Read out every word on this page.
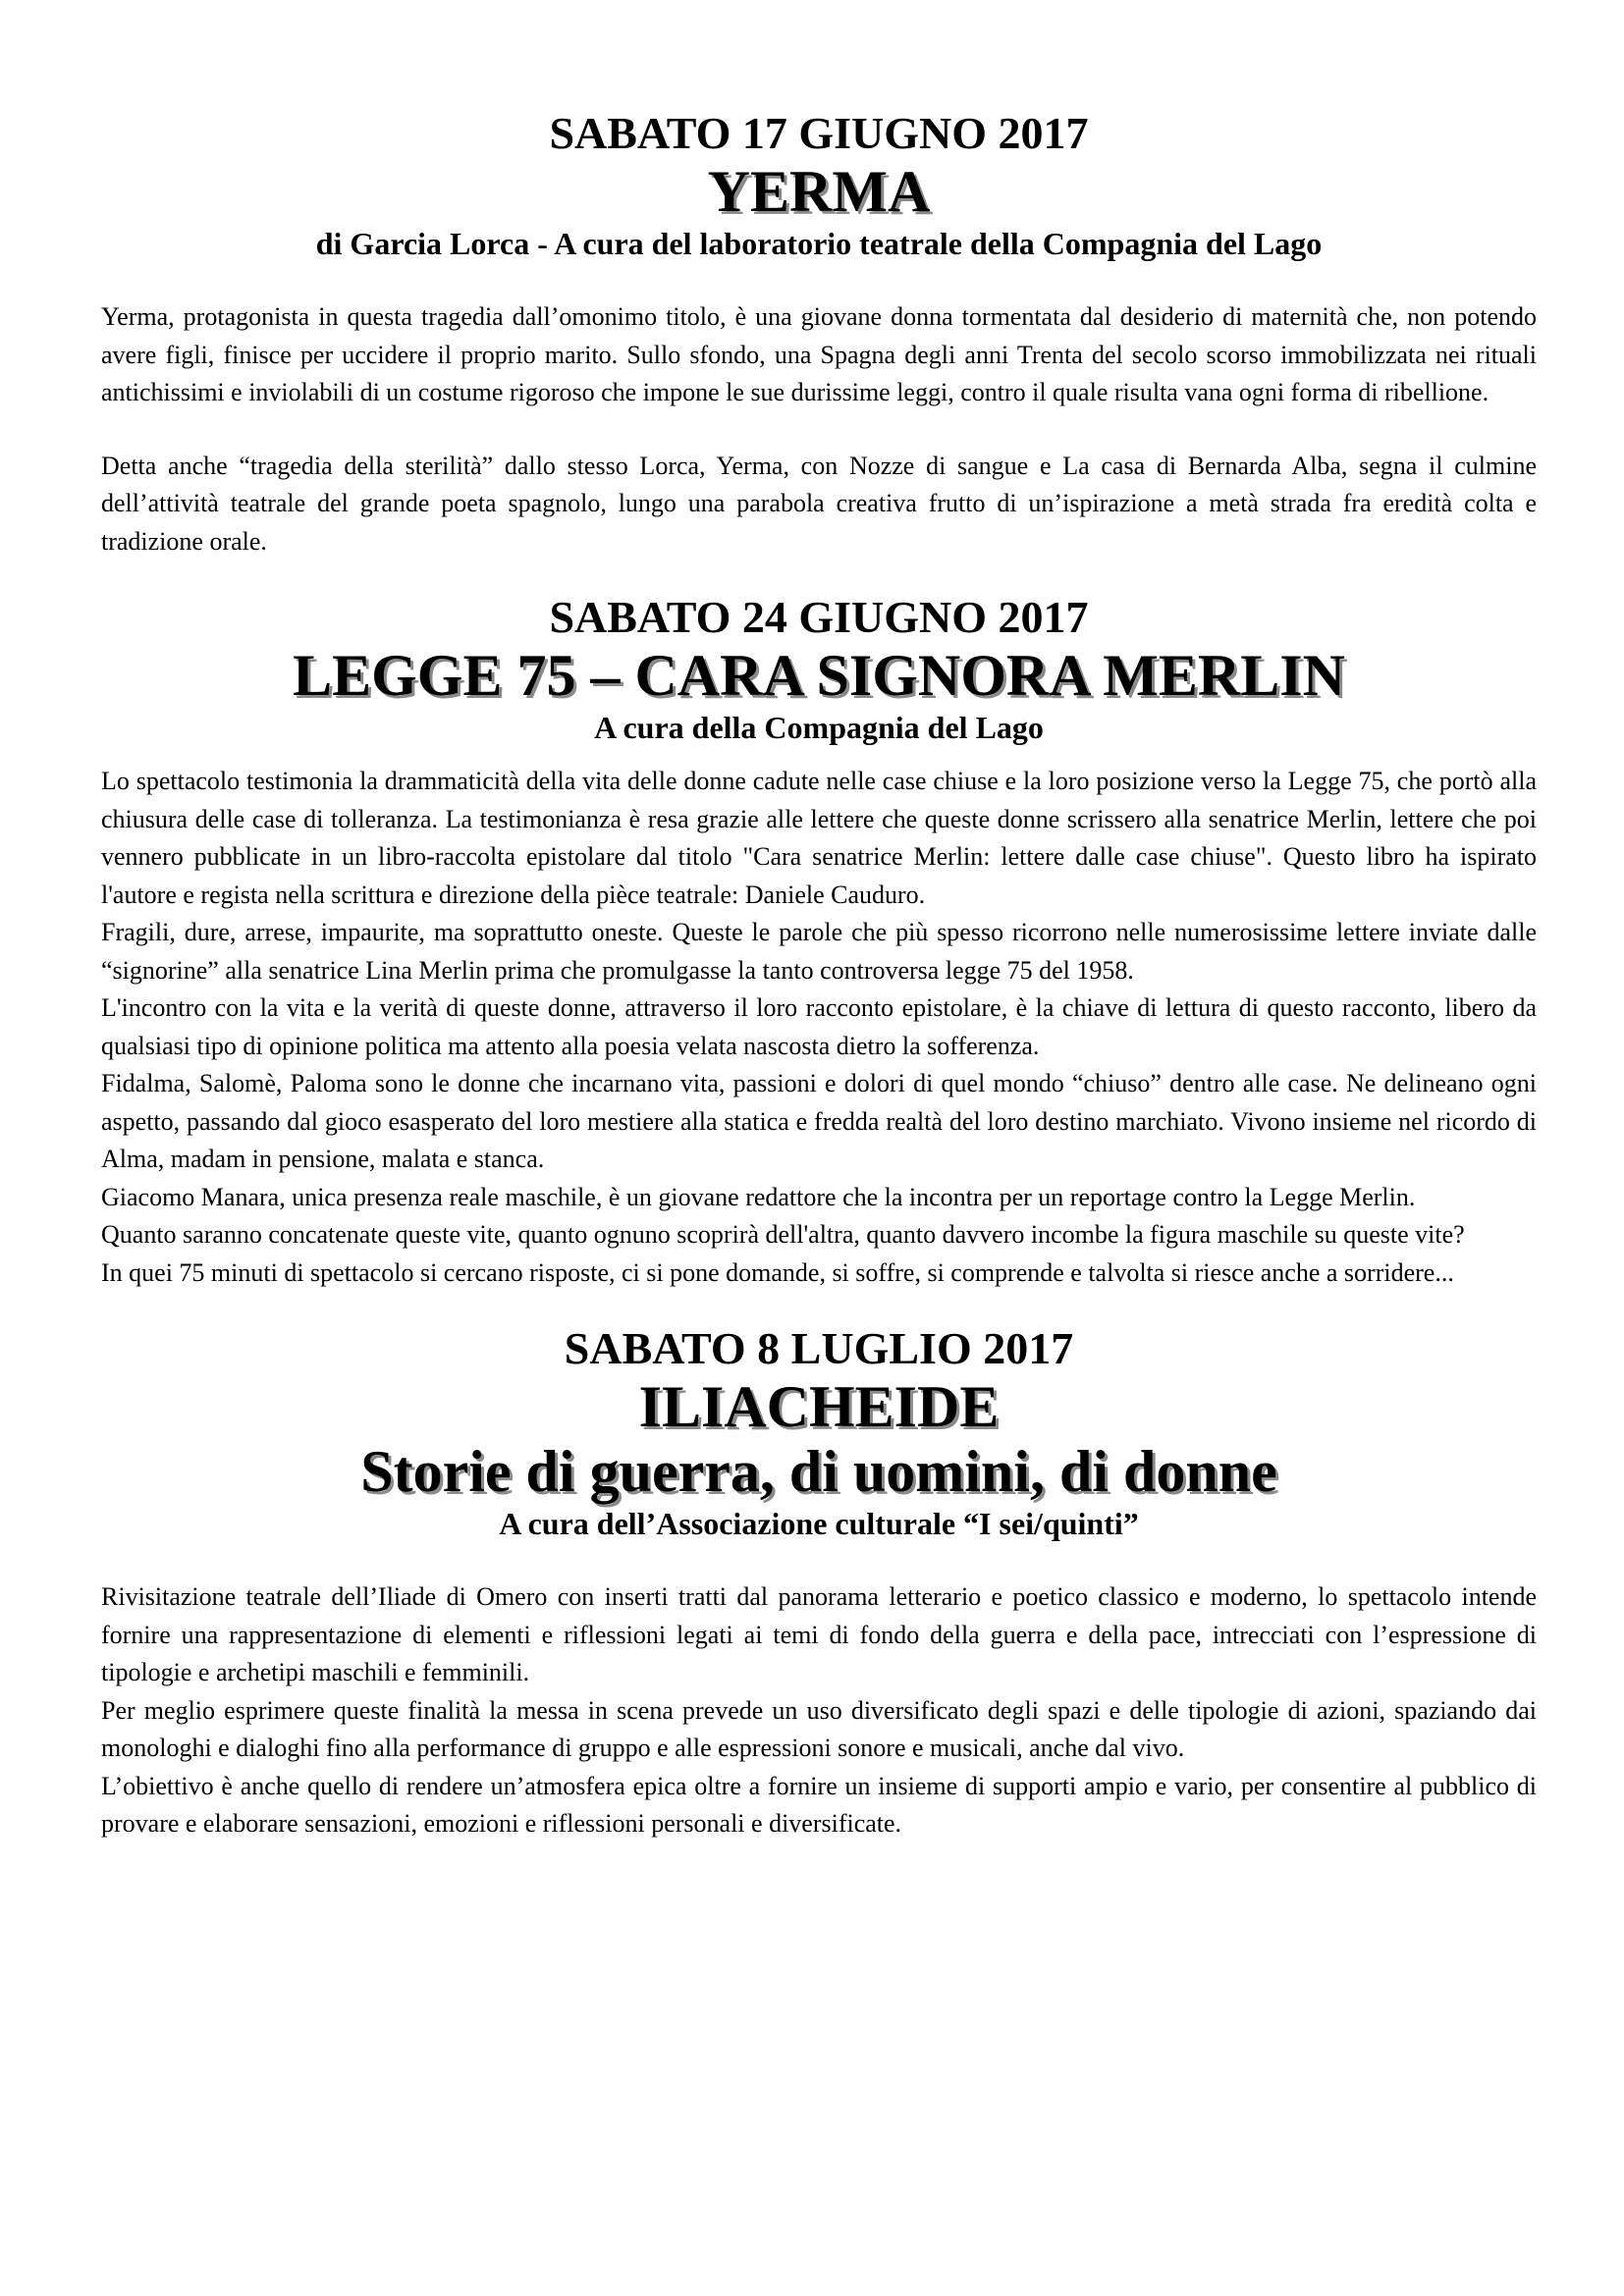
SABATO 17 GIUGNO 2017
YERMA
di Garcia Lorca - A cura del laboratorio teatrale della Compagnia del Lago

Yerma, protagonista in questa tragedia dall’omonimo titolo, è una giovane donna tormentata dal desiderio di maternità che, non potendo avere figli, finisce per uccidere il proprio marito. Sullo sfondo, una Spagna degli anni Trenta del secolo scorso immobilizzata nei rituali antichissimi e inviolabili di un costume rigoroso che impone le sue durissime leggi, contro il quale risulta vana ogni forma di ribellione.

Detta anche “tragedia della sterilità” dallo stesso Lorca, Yerma, con Nozze di sangue e La casa di Bernarda Alba, segna il culmine dell’attività teatrale del grande poeta spagnolo, lungo una parabola creativa frutto di un’ispirazione a metà strada fra eredità colta e tradizione orale.

SABATO 24 GIUGNO 2017
LEGGE 75 – CARA SIGNORA MERLIN
A cura della Compagnia del Lago

Lo spettacolo testimonia la drammaticità della vita delle donne cadute nelle case chiuse e la loro posizione verso la Legge 75, che portò alla chiusura delle case di tolleranza. La testimonianza è resa grazie alle lettere che queste donne scrissero alla senatrice Merlin, lettere che poi vennero pubblicate in un libro-raccolta epistolare dal titolo "Cara senatrice Merlin: lettere dalle case chiuse". Questo libro ha ispirato l'autore e regista nella scrittura e direzione della pièce teatrale: Daniele Cauduro.

Fragili, dure, arrese, impaurite, ma soprattutto oneste. Queste le parole che più spesso ricorrono nelle numerosissime lettere inviate dalle “signorine” alla senatrice Lina Merlin prima che promulgasse la tanto controversa legge 75 del 1958.

L'incontro con la vita e la verità di queste donne, attraverso il loro racconto epistolare, è la chiave di lettura di questo racconto, libero da qualsiasi tipo di opinione politica ma attento alla poesia velata nascosta dietro la sofferenza.

Fidalma, Salomè, Paloma sono le donne che incarnano vita, passioni e dolori di quel mondo “chiuso” dentro alle case. Ne delineano ogni aspetto, passando dal gioco esasperato del loro mestiere alla statica e fredda realtà del loro destino marchiato. Vivono insieme nel ricordo di Alma, madam in pensione, malata e stanca.

Giacomo Manara, unica presenza reale maschile, è un giovane redattore che la incontra per un reportage contro la Legge Merlin.

Quanto saranno concatenate queste vite, quanto ognuno scoprirà dell'altra, quanto davvero incombe la figura maschile su queste vite?

In quei 75 minuti di spettacolo si cercano risposte, ci si pone domande, si soffre, si comprende e talvolta si riesce anche a sorridere...

SABATO 8 LUGLIO 2017
ILIACHEIDE
Storie di guerra, di uomini, di donne
A cura dell’Associazione culturale “I sei/quinti”

Rivisitazione teatrale dell’Iliade di Omero con inserti tratti dal panorama letterario e poetico classico e moderno, lo spettacolo intende fornire una rappresentazione di elementi e riflessioni legati ai temi di fondo della guerra e della pace, intrecciati con l’espressione di tipologie e archetipi maschili e femminili.

Per meglio esprimere queste finalità la messa in scena prevede un uso diversificato degli spazi e delle tipologie di azioni, spaziando dai monologhi e dialoghi fino alla performance di gruppo e alle espressioni sonore e musicali, anche dal vivo.

L’obiettivo è anche quello di rendere un’atmosfera epica oltre a fornire un insieme di supporti ampio e vario, per consentire al pubblico di provare e elaborare sensazioni, emozioni e riflessioni personali e diversificate.
